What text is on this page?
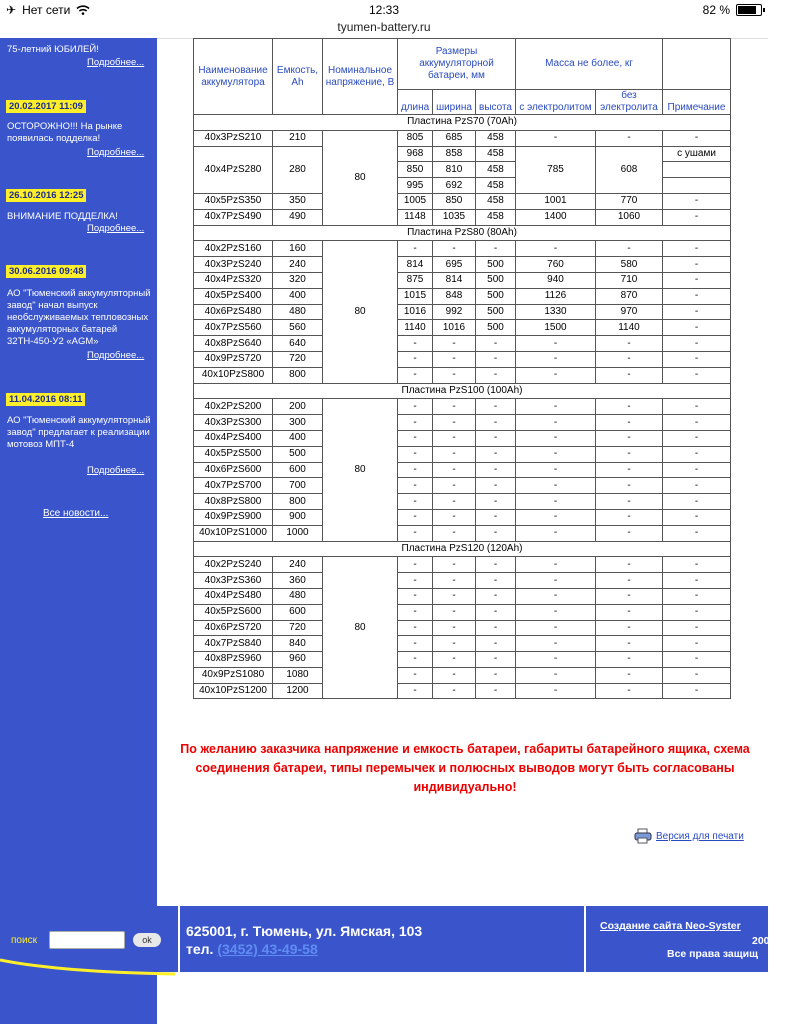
✈ Нет сети	12:33	82 %
tyumen-battery.ru
75-летний ЮБИЛЕЙ!
Подробнее...
20.02.2017 11:09
ОСТОРОЖНО!!! На рынке появилась подделка!
Подробнее...
26.10.2016 12:25
ВНИМАНИЕ ПОДДЕЛКА!
Подробнее...
30.06.2016 09:48
АО "Тюменский аккумуляторный завод" начал выпуск необслуживаемых тепловозных аккумуляторных батарей 32ТН-450-У2 «AGM»
Подробнее...
11.04.2016 08:11
АО "Тюменский аккумуляторный завод" предлагает к реализации мотовоз МПТ-4
Подробнее...
Все новости...
Наименование аккумулятора	Емкость, Ah	Номинальное напряжение, В	Размеры аккумуляторной батареи, мм			Масса не более, кг		
			длина	ширина	высота	с электролитом	без электролита	Примечание
Пластина PzS70 (70Ah)								
40x3PzS210	210	80	805	685	458	-	-	-
40x4PzS280	280		968	858	458	785	608	с ушами
			850	810	458			
			995	692	458			
40x5PzS350	350		1005	850	458	1001	770	-
40x7PzS490	490		1148	1035	458	1400	1060	-
Пластина PzS80 (80Ah)								
40x2PzS160	160	80	-	-	-	-	-	-
40x3PzS240	240		814	695	500	760	580	-
40x4PzS320	320		875	814	500	940	710	-
40x5PzS400	400		1015	848	500	1126	870	-
40x6PzS480	480		1016	992	500	1330	970	-
40x7PzS560	560		1140	1016	500	1500	1140	-
40x8PzS640	640		-	-	-	-	-	-
40x9PzS720	720		-	-	-	-	-	-
40x10PzS800	800		-	-	-	-	-	-
Пластина PzS100 (100Ah)								
40x2PzS200	200	80	-	-	-	-	-	-
40x3PzS300	300		-	-	-	-	-	-
40x4PzS400	400		-	-	-	-	-	-
40x5PzS500	500		-	-	-	-	-	-
40x6PzS600	600		-	-	-	-	-	-
40x7PzS700	700		-	-	-	-	-	-
40x8PzS800	800		-	-	-	-	-	-
40x9PzS900	900		-	-	-	-	-	-
40x10PzS1000	1000		-	-	-	-	-	-
Пластина PzS120 (120Ah)								
40x2PzS240	240	80	-	-	-	-	-	-
40x3PzS360	360		-	-	-	-	-	-
40x4PzS480	480		-	-	-	-	-	-
40x5PzS600	600		-	-	-	-	-	-
40x6PzS720	720		-	-	-	-	-	-
40x7PzS840	840		-	-	-	-	-	-
40x8PzS960	960		-	-	-	-	-	-
40x9PzS1080	1080		-	-	-	-	-	-
40x10PzS1200	1200		-	-	-	-	-	-
По желанию заказчика напряжение и емкость батареи, габариты батарейного ящика, схема соединения батареи, типы перемычек и полюсных выводов могут быть согласованы индивидуально!
Версия для печати
поиск	ok
625001, г. Тюмень, ул. Ямская, 103
тел. (3452) 43-49-58
Создание сайта Neo-Syster
2007 - 2
Все права защищ
